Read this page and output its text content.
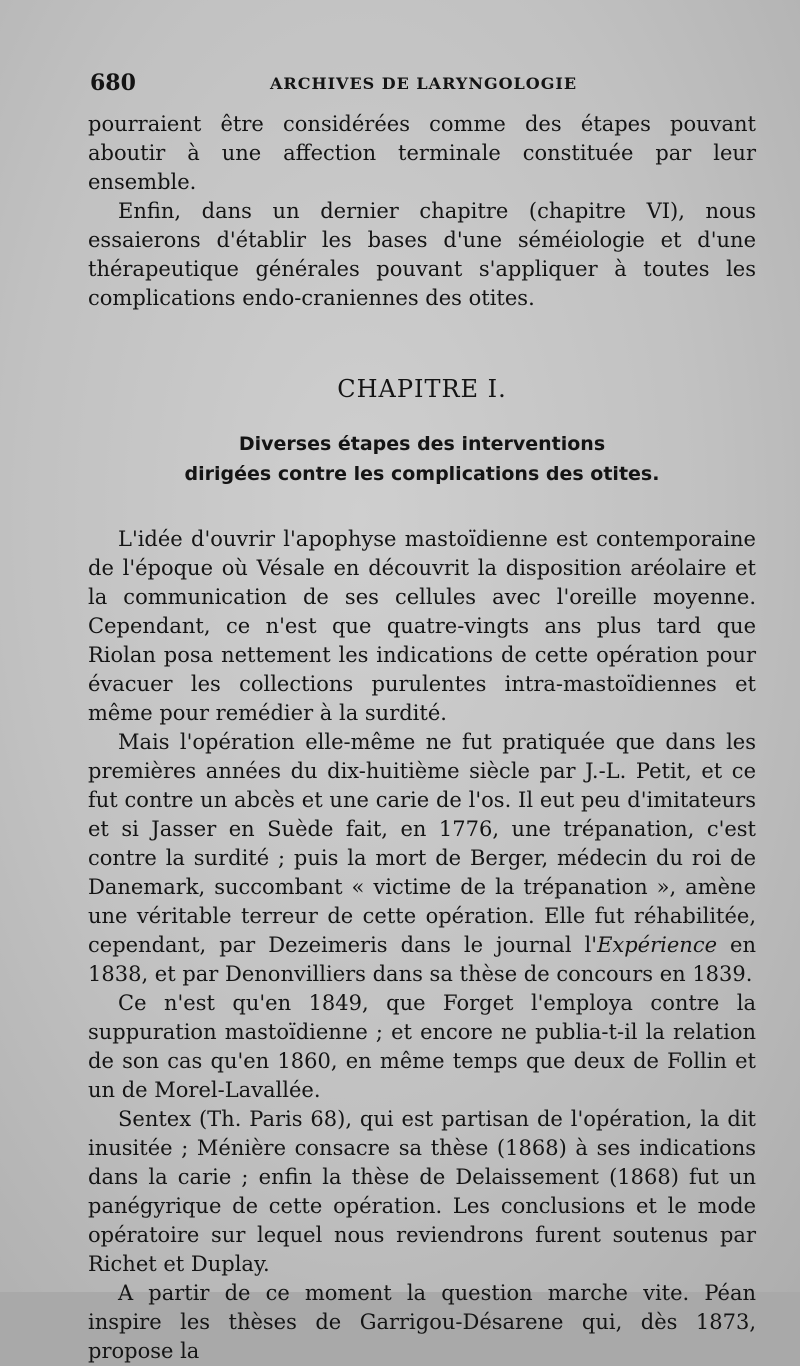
680	ARCHIVES DE LARYNGOLOGIE

pourraient être considérées comme des étapes pouvant aboutir à une affection terminale constituée par leur ensemble.

Enfin, dans un dernier chapitre (chapitre VI), nous essaierons d'établir les bases d'une séméiologie et d'une thérapeutique générales pouvant s'appliquer à toutes les complications endo-craniennes des otites.

CHAPITRE I.
Diverses étapes des interventions
dirigées contre les complications des otites.

L'idée d'ouvrir l'apophyse mastoïdienne est contemporaine de l'époque où Vésale en découvrit la disposition aréolaire et la communication de ses cellules avec l'oreille moyenne. Cependant, ce n'est que quatre-vingts ans plus tard que Riolan posa nettement les indications de cette opération pour évacuer les collections purulentes intra-mastoïdiennes et même pour remédier à la surdité.

Mais l'opération elle-même ne fut pratiquée que dans les premières années du dix-huitième siècle par J.-L. Petit, et ce fut contre un abcès et une carie de l'os. Il eut peu d'imitateurs et si Jasser en Suède fait, en 1776, une trépanation, c'est contre la surdité ; puis la mort de Berger, médecin du roi de Danemark, succombant « victime de la trépanation », amène une véritable terreur de cette opération. Elle fut réhabilitée, cependant, par Dezeimeris dans le journal l'Expérience en 1838, et par Denonvilliers dans sa thèse de concours en 1839.

Ce n'est qu'en 1849, que Forget l'employa contre la suppuration mastoïdienne ; et encore ne publia-t-il la relation de son cas qu'en 1860, en même temps que deux de Follin et un de Morel-Lavallée.

Sentex (Th. Paris 68), qui est partisan de l'opération, la dit inusitée ; Ménière consacre sa thèse (1868) à ses indications dans la carie ; enfin la thèse de Delaissement (1868) fut un panégyrique de cette opération. Les conclusions et le mode opératoire sur lequel nous reviendrons furent soutenus par Richet et Duplay.

A partir de ce moment la question marche vite. Péan inspire les thèses de Garrigou-Désarene qui, dès 1873, propose la
